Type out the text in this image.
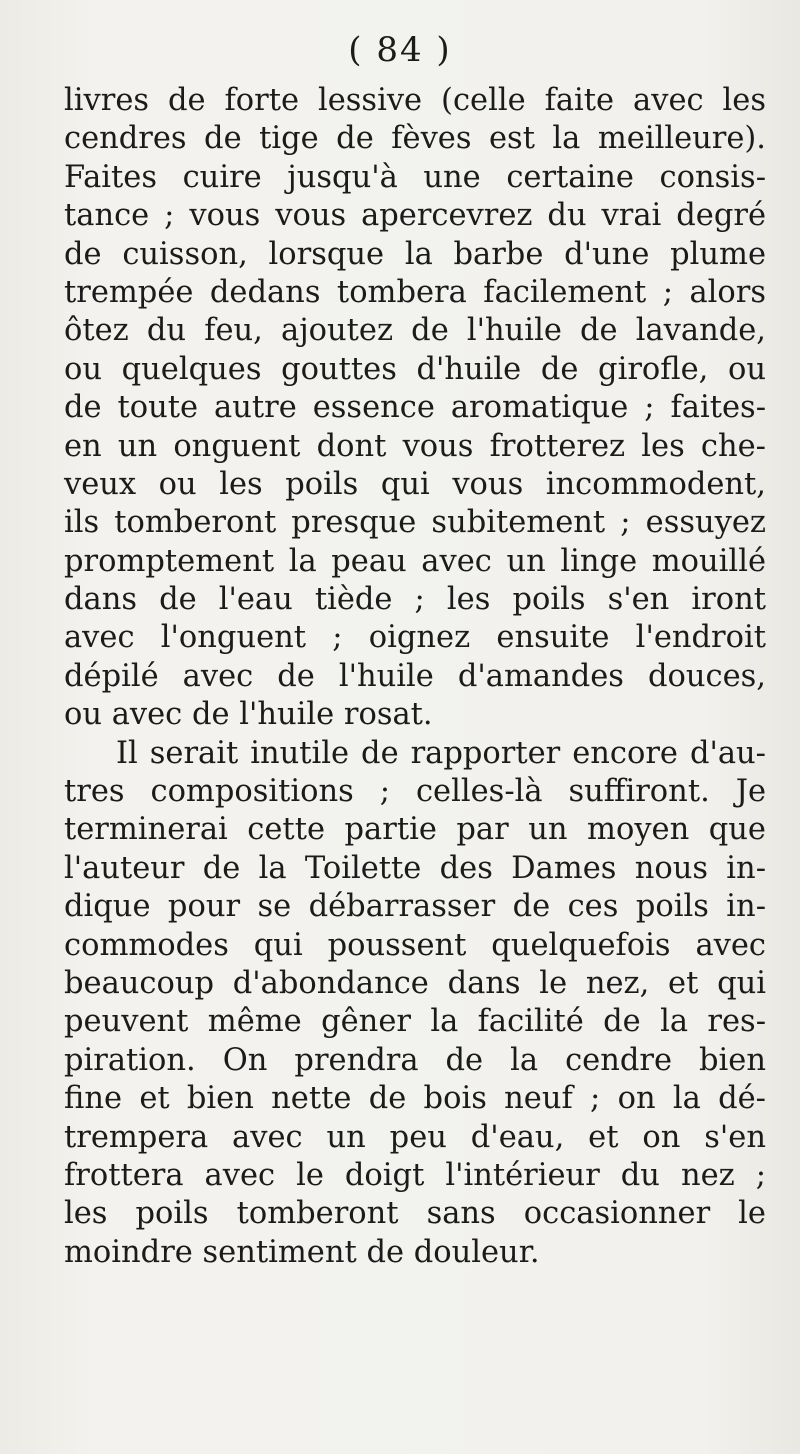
( 84 )
livres de forte lessive (celle faite avec les
cendres de tige de fèves est la meilleure).
Faites cuire jusqu'à une certaine consis-
tance ; vous vous apercevrez du vrai degré
de cuisson, lorsque la barbe d'une plume
trempée dedans tombera facilement ; alors
ôtez du feu, ajoutez de l'huile de lavande,
ou quelques gouttes d'huile de girofle, ou
de toute autre essence aromatique ; faites-
en un onguent dont vous frotterez les che-
veux ou les poils qui vous incommodent,
ils tomberont presque subitement ; essuyez
promptement la peau avec un linge mouillé
dans de l'eau tiède ; les poils s'en iront
avec l'onguent ; oignez ensuite l'endroit
dépilé avec de l'huile d'amandes douces,
ou avec de l'huile rosat.
Il serait inutile de rapporter encore d'au-
tres compositions ; celles-là suffiront. Je
terminerai cette partie par un moyen que
l'auteur de la Toilette des Dames nous in-
dique pour se débarrasser de ces poils in-
commodes qui poussent quelquefois avec
beaucoup d'abondance dans le nez, et qui
peuvent même gêner la facilité de la res-
piration. On prendra de la cendre bien
fine et bien nette de bois neuf ; on la dé-
trempera avec un peu d'eau, et on s'en
frottera avec le doigt l'intérieur du nez ;
les poils tomberont sans occasionner le
moindre sentiment de douleur.
